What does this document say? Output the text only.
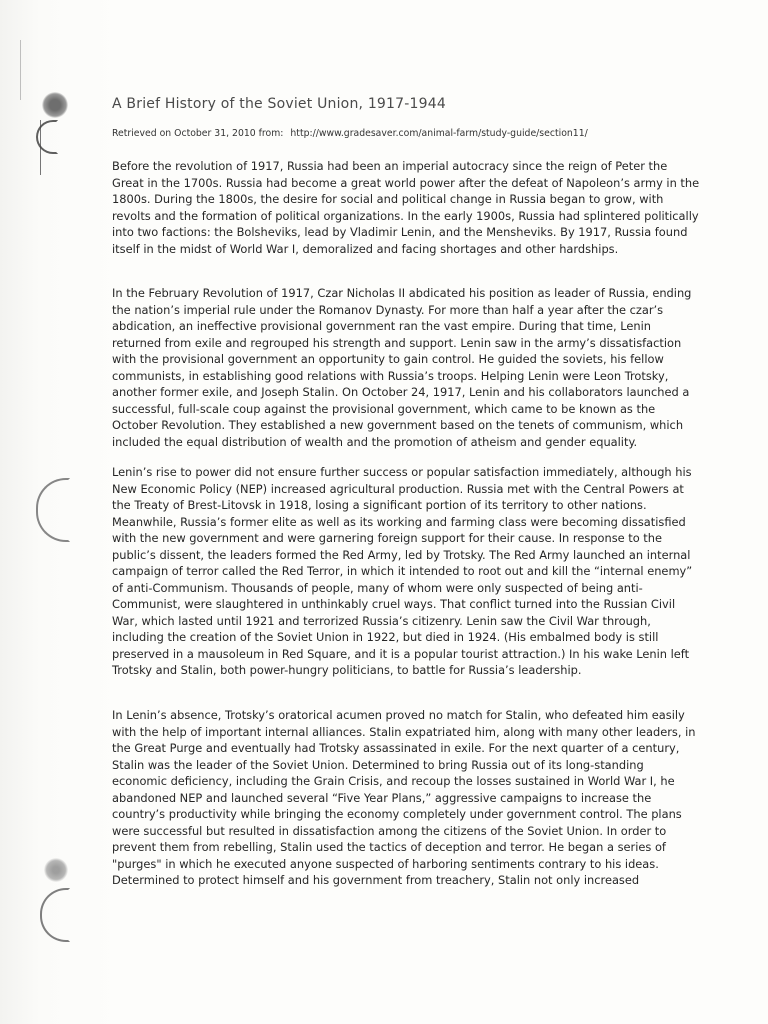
A Brief History of the Soviet Union, 1917-1944
Retrieved on October 31, 2010 from: http://www.gradesaver.com/animal-farm/study-guide/section11/

Before the revolution of 1917, Russia had been an imperial autocracy since the reign of Peter the Great in the 1700s. Russia had become a great world power after the defeat of Napoleon’s army in the 1800s. During the 1800s, the desire for social and political change in Russia began to grow, with revolts and the formation of political organizations. In the early 1900s, Russia had splintered politically into two factions: the Bolsheviks, lead by Vladimir Lenin, and the Mensheviks. By 1917, Russia found itself in the midst of World War I, demoralized and facing shortages and other hardships.

In the February Revolution of 1917, Czar Nicholas II abdicated his position as leader of Russia, ending the nation’s imperial rule under the Romanov Dynasty. For more than half a year after the czar’s abdication, an ineffective provisional government ran the vast empire. During that time, Lenin returned from exile and regrouped his strength and support. Lenin saw in the army’s dissatisfaction with the provisional government an opportunity to gain control. He guided the soviets, his fellow communists, in establishing good relations with Russia’s troops. Helping Lenin were Leon Trotsky, another former exile, and Joseph Stalin. On October 24, 1917, Lenin and his collaborators launched a successful, full-scale coup against the provisional government, which came to be known as the October Revolution. They established a new government based on the tenets of communism, which included the equal distribution of wealth and the promotion of atheism and gender equality.

Lenin’s rise to power did not ensure further success or popular satisfaction immediately, although his New Economic Policy (NEP) increased agricultural production. Russia met with the Central Powers at the Treaty of Brest-Litovsk in 1918, losing a significant portion of its territory to other nations. Meanwhile, Russia’s former elite as well as its working and farming class were becoming dissatisfied with the new government and were garnering foreign support for their cause. In response to the public’s dissent, the leaders formed the Red Army, led by Trotsky. The Red Army launched an internal campaign of terror called the Red Terror, in which it intended to root out and kill the “internal enemy” of anti-Communism. Thousands of people, many of whom were only suspected of being anti-Communist, were slaughtered in unthinkably cruel ways. That conflict turned into the Russian Civil War, which lasted until 1921 and terrorized Russia’s citizenry. Lenin saw the Civil War through, including the creation of the Soviet Union in 1922, but died in 1924. (His embalmed body is still preserved in a mausoleum in Red Square, and it is a popular tourist attraction.) In his wake Lenin left Trotsky and Stalin, both power-hungry politicians, to battle for Russia’s leadership.

In Lenin’s absence, Trotsky’s oratorical acumen proved no match for Stalin, who defeated him easily with the help of important internal alliances. Stalin expatriated him, along with many other leaders, in the Great Purge and eventually had Trotsky assassinated in exile. For the next quarter of a century, Stalin was the leader of the Soviet Union. Determined to bring Russia out of its long-standing economic deficiency, including the Grain Crisis, and recoup the losses sustained in World War I, he abandoned NEP and launched several “Five Year Plans,” aggressive campaigns to increase the country’s productivity while bringing the economy completely under government control. The plans were successful but resulted in dissatisfaction among the citizens of the Soviet Union. In order to prevent them from rebelling, Stalin used the tactics of deception and terror. He began a series of "purges" in which he executed anyone suspected of harboring sentiments contrary to his ideas. Determined to protect himself and his government from treachery, Stalin not only increased
